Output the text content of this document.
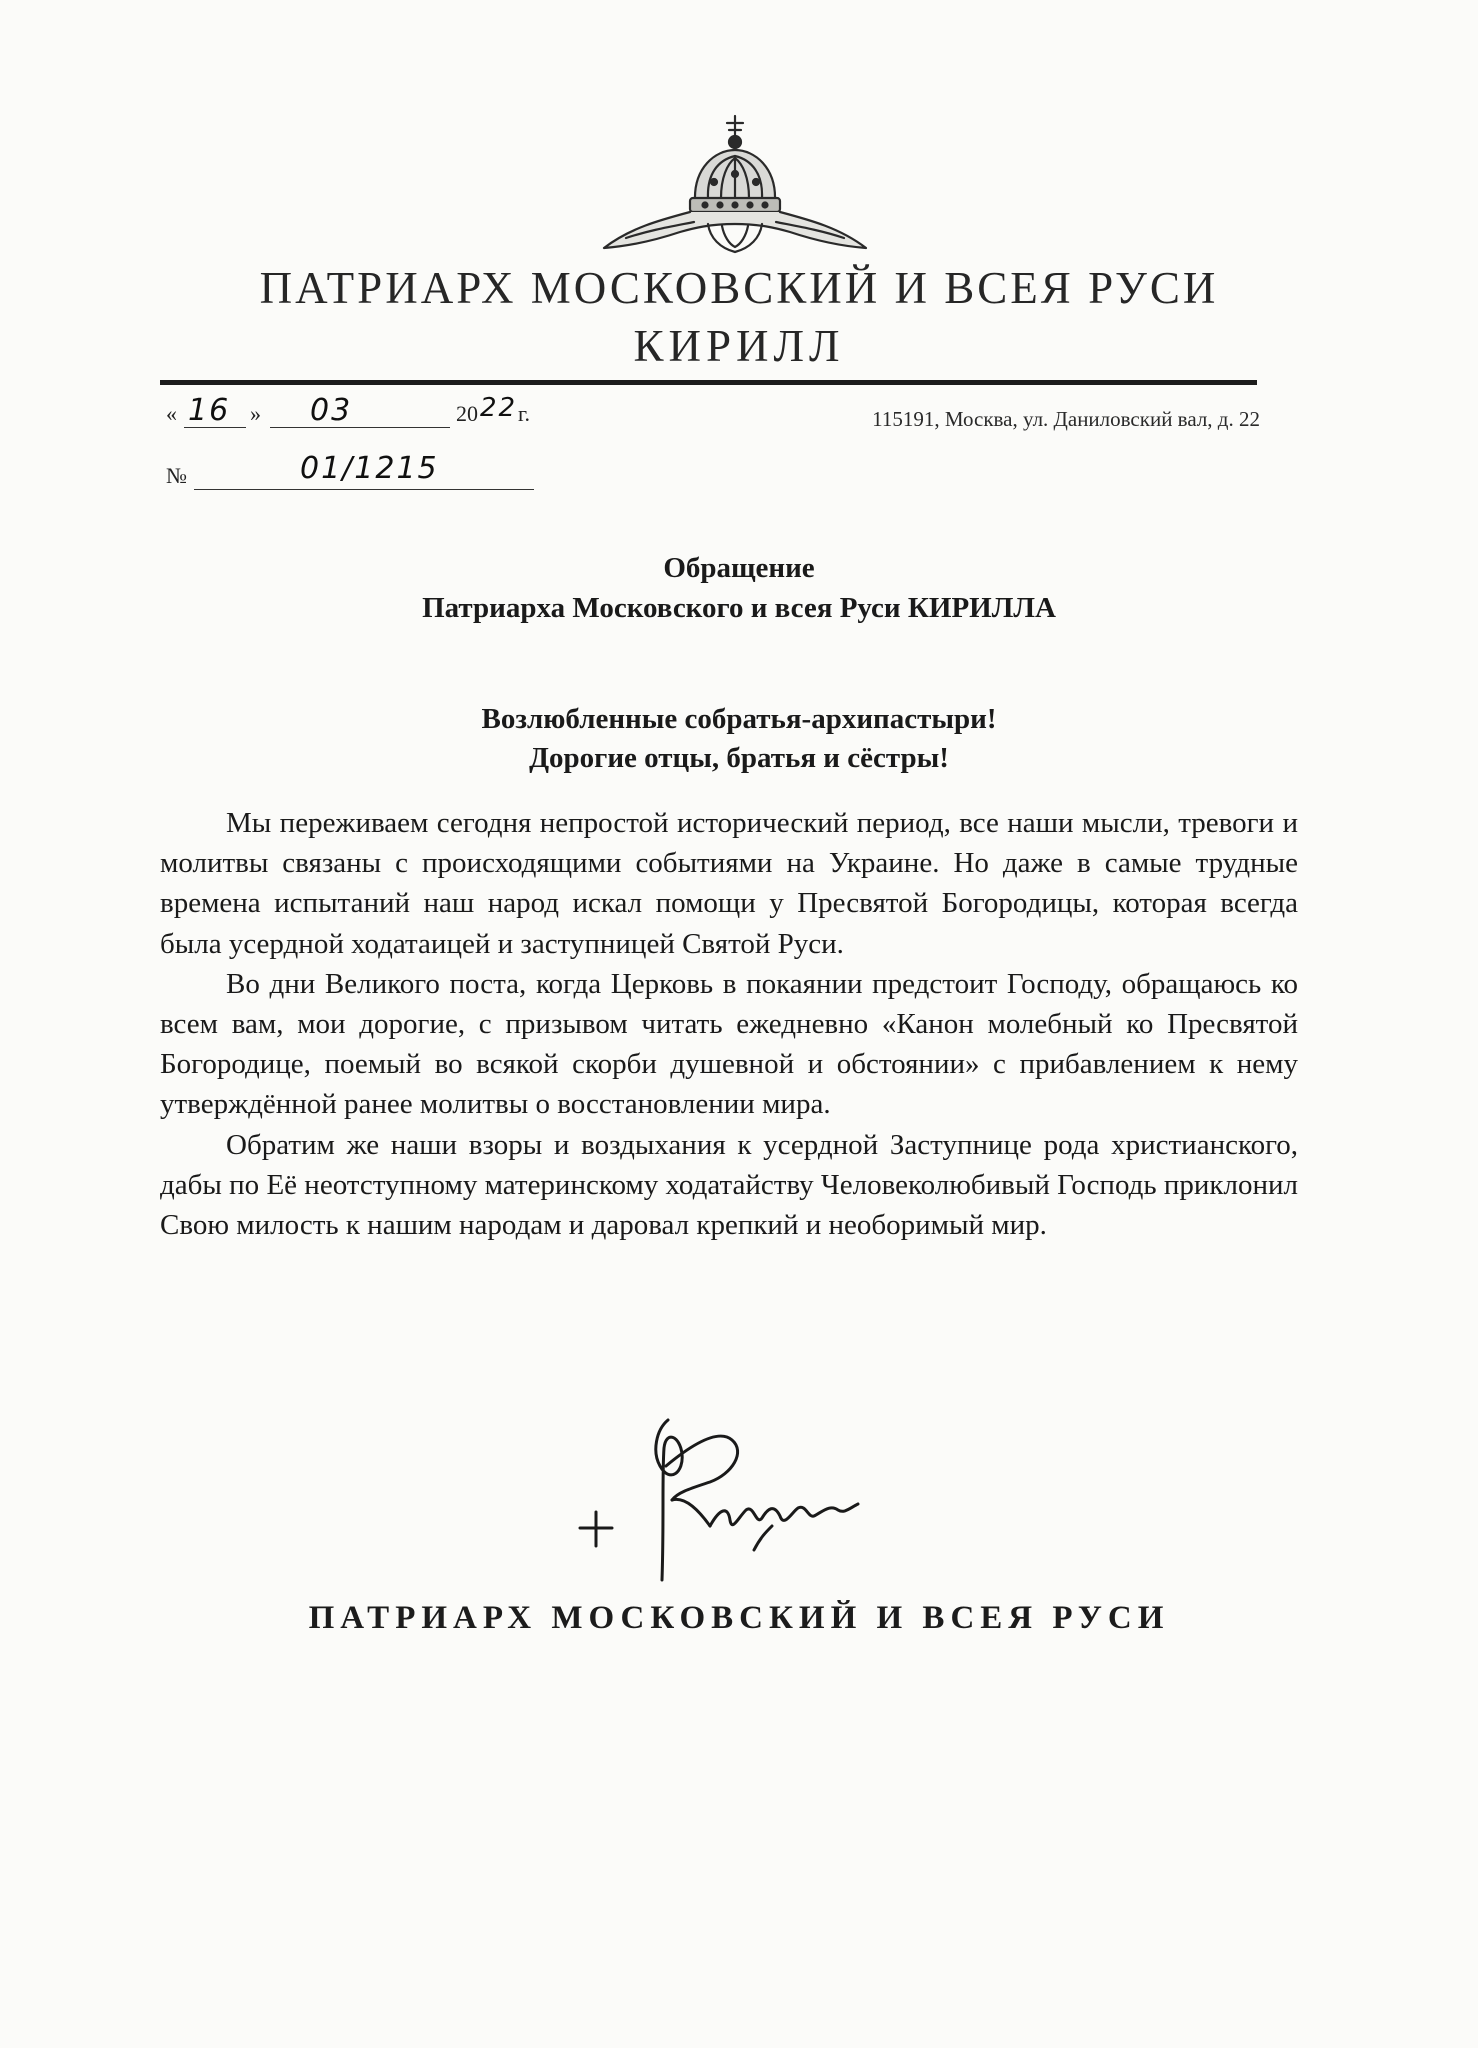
ПАТРИАРХ МОСКОВСКИЙ И ВСЕЯ РУСИ
КИРИЛЛ
« 16 » 03	20 22 г.
№	01/1215
115191, Москва, ул. Даниловский вал, д. 22
Обращение
Патриарха Московского и всея Руси КИРИЛЛА
Возлюбленные собратья-архипастыри!
Дорогие отцы, братья и сёстры!

Мы переживаем сегодня непростой исторический период, все наши мысли, тревоги и молитвы связаны с происходящими событиями на Украине. Но даже в самые трудные времена испытаний наш народ искал помощи у Пресвятой Богородицы, которая всегда была усердной ходатаицей и заступницей Святой Руси.

Во дни Великого поста, когда Церковь в покаянии предстоит Господу, обращаюсь ко всем вам, мои дорогие, с призывом читать ежедневно «Канон молебный ко Пресвятой Богородице, поемый во всякой скорби душевной и обстоянии» с прибавлением к нему утверждённой ранее молитвы о восстановлении мира.

Обратим же наши взоры и воздыхания к усердной Заступнице рода христианского, дабы по Её неотступному материнскому ходатайству Человеколюбивый Господь приклонил Свою милость к нашим народам и даровал крепкий и необоримый мир.

ПАТРИАРХ МОСКОВСКИЙ И ВСЕЯ РУСИ
